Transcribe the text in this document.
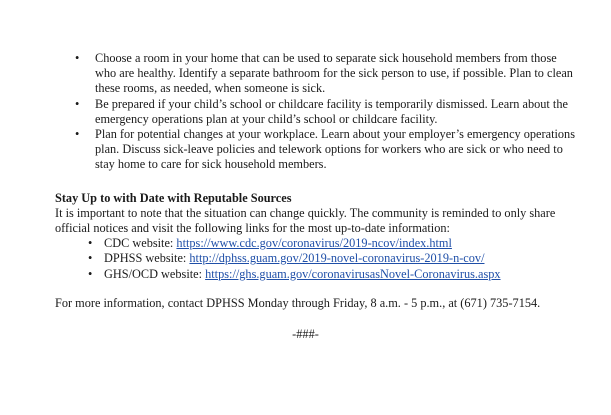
• Choose a room in your home that can be used to separate sick household members from those who are healthy. Identify a separate bathroom for the sick person to use, if possible. Plan to clean these rooms, as needed, when someone is sick.
• Be prepared if your child’s school or childcare facility is temporarily dismissed. Learn about the emergency operations plan at your child’s school or childcare facility.
• Plan for potential changes at your workplace. Learn about your employer’s emergency operations plan. Discuss sick-leave policies and telework options for workers who are sick or who need to stay home to care for sick household members.
Stay Up to with Date with Reputable Sources
It is important to note that the situation can change quickly. The community is reminded to only share official notices and visit the following links for the most up-to-date information:
• CDC website: https://www.cdc.gov/coronavirus/2019-ncov/index.html
• DPHSS website: http://dphss.guam.gov/2019-novel-coronavirus-2019-n-cov/
• GHS/OCD website: https://ghs.guam.gov/coronavirusasNovel-Coronavirus.aspx
For more information, contact DPHSS Monday through Friday, 8 a.m. - 5 p.m., at (671) 735-7154.
-###-
